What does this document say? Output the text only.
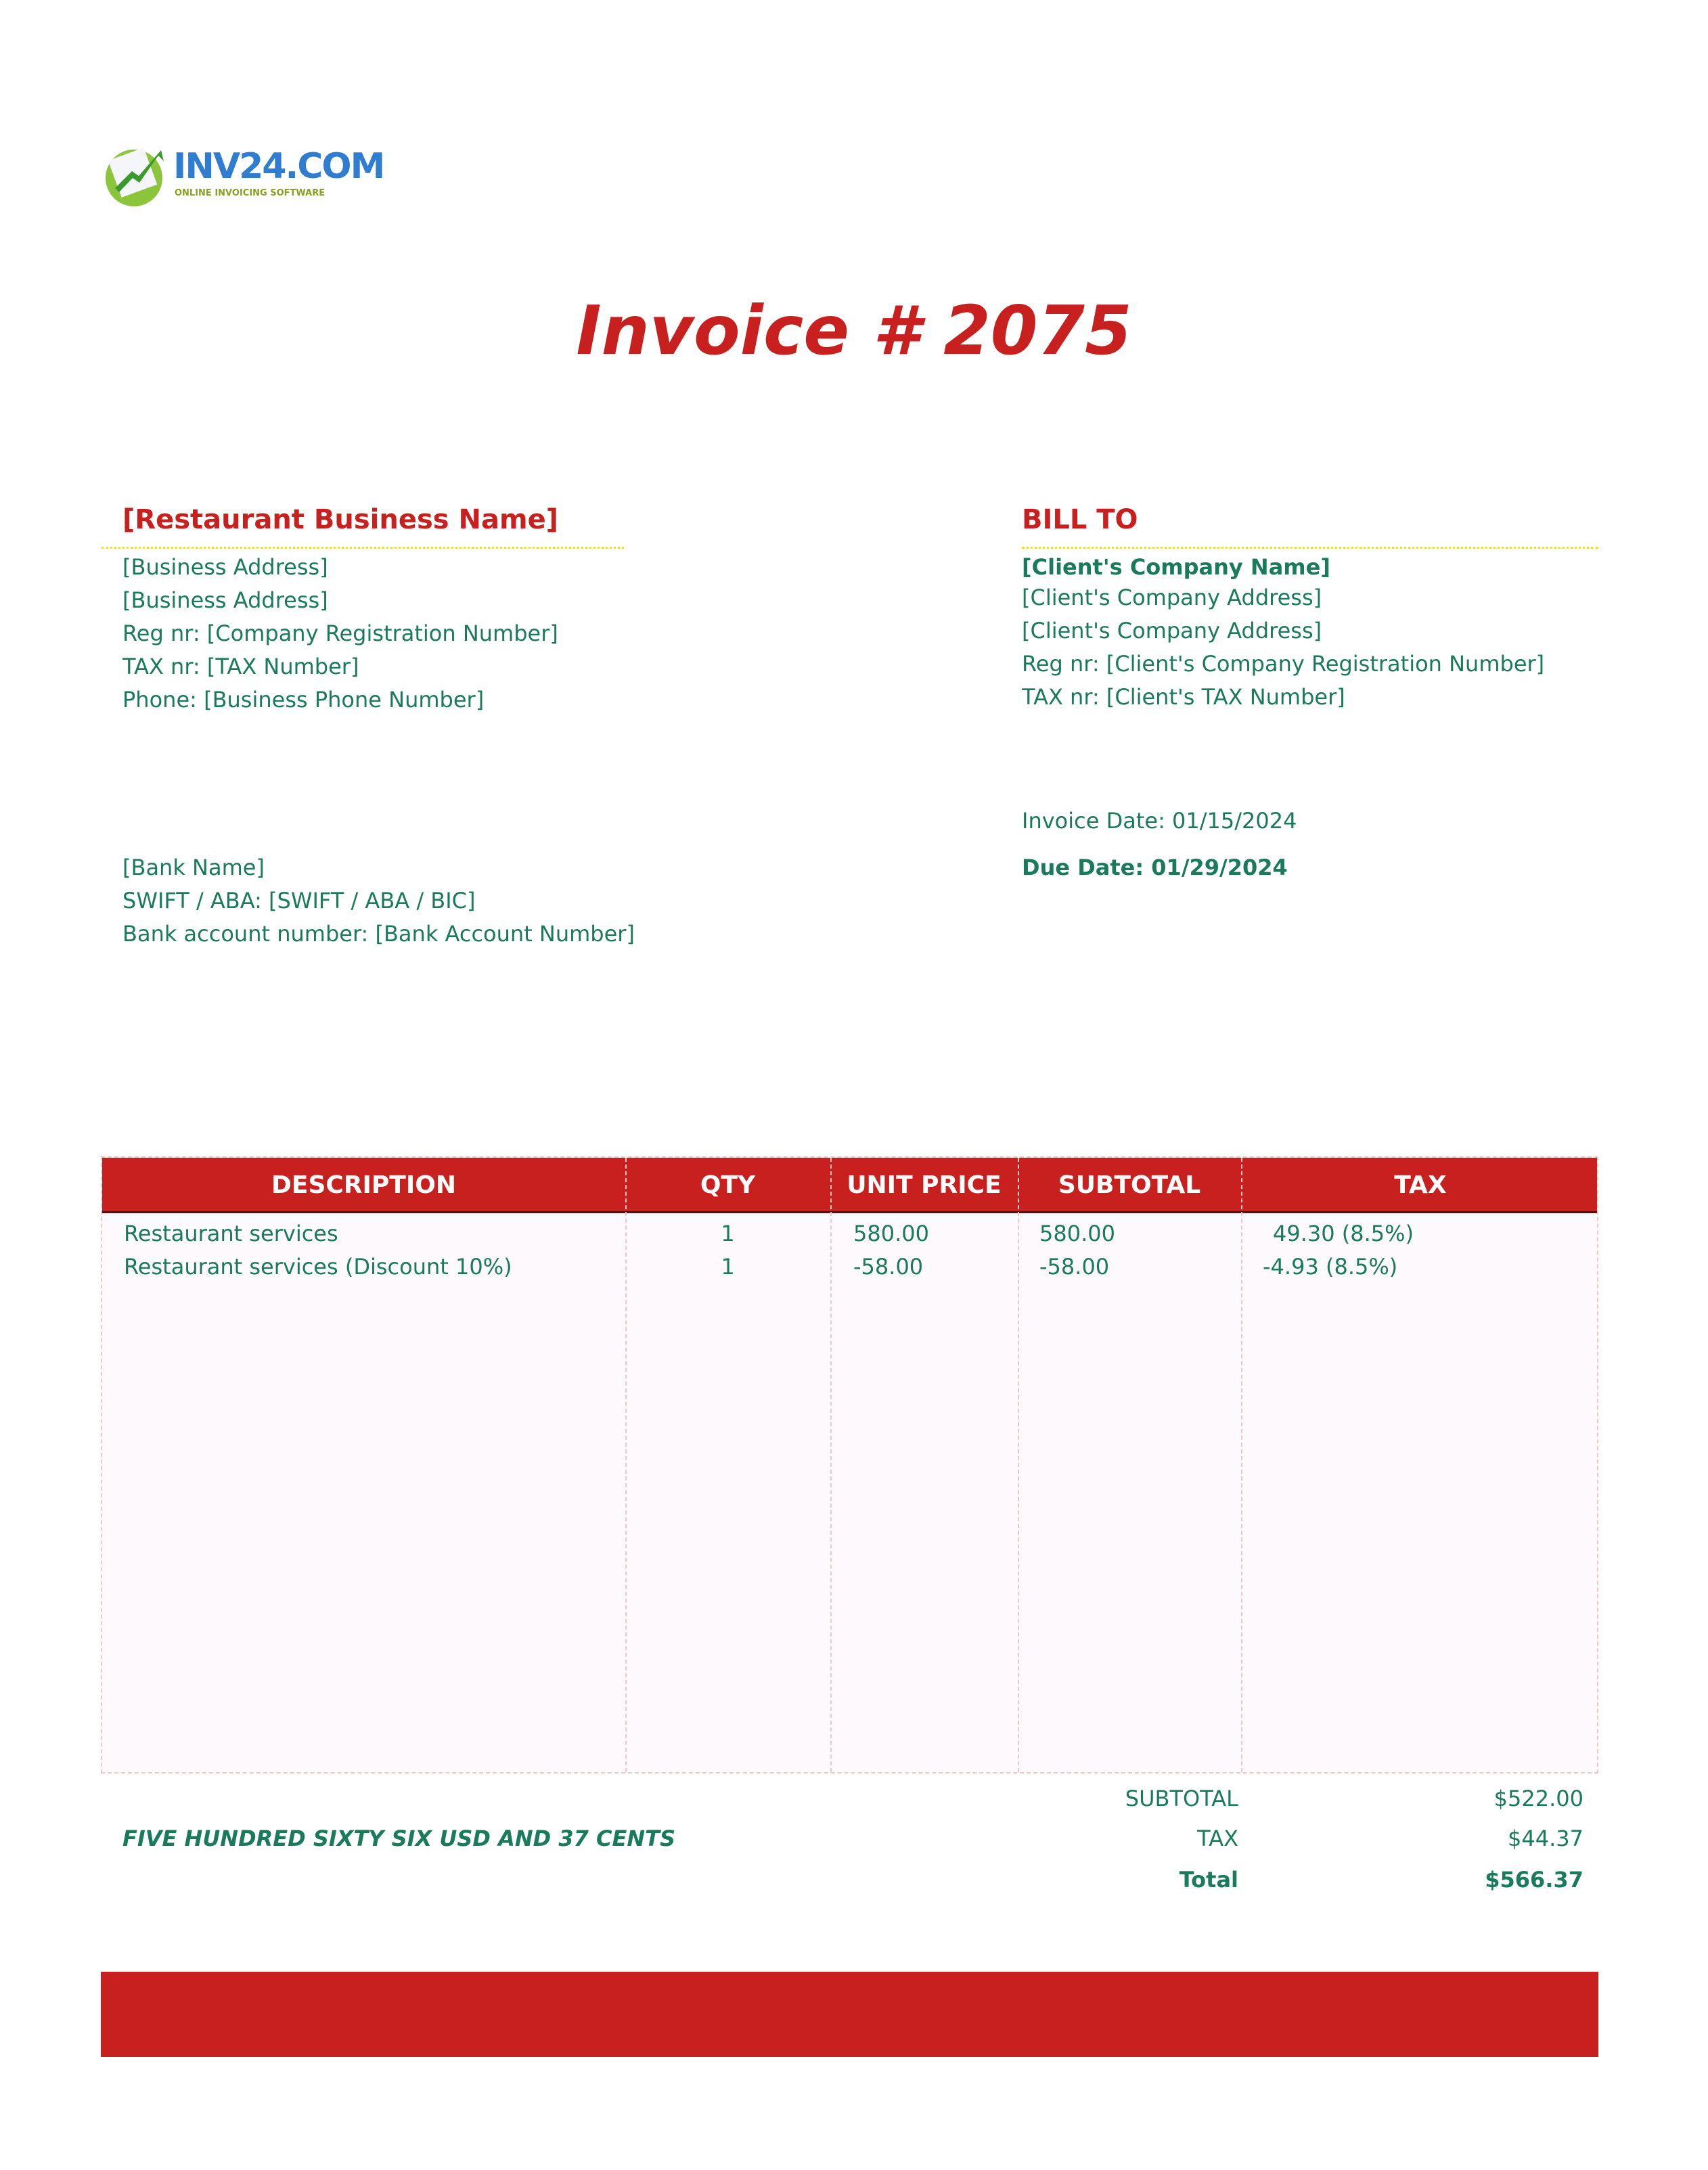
INV24.COM
ONLINE INVOICING SOFTWARE
Invoice # 2075
[Restaurant Business Name]
[Business Address]
[Business Address]
Reg nr: [Company Registration Number]
TAX nr: [TAX Number]
Phone: [Business Phone Number]
[Bank Name]
SWIFT / ABA: [SWIFT / ABA / BIC]
Bank account number: [Bank Account Number]
BILL TO
[Client's Company Name]
[Client's Company Address]
[Client's Company Address]
Reg nr: [Client's Company Registration Number]
TAX nr: [Client's TAX Number]
Invoice Date: 01/15/2024
Due Date: 01/29/2024
DESCRIPTION	QTY	UNIT PRICE	SUBTOTAL	TAX
Restaurant services	1	580.00	580.00	49.30 (8.5%)
Restaurant services (Discount 10%)	1	-58.00	-58.00	-4.93 (8.5%)
SUBTOTAL	$522.00
TAX	$44.37
Total	$566.37
FIVE HUNDRED SIXTY SIX USD AND 37 CENTS
